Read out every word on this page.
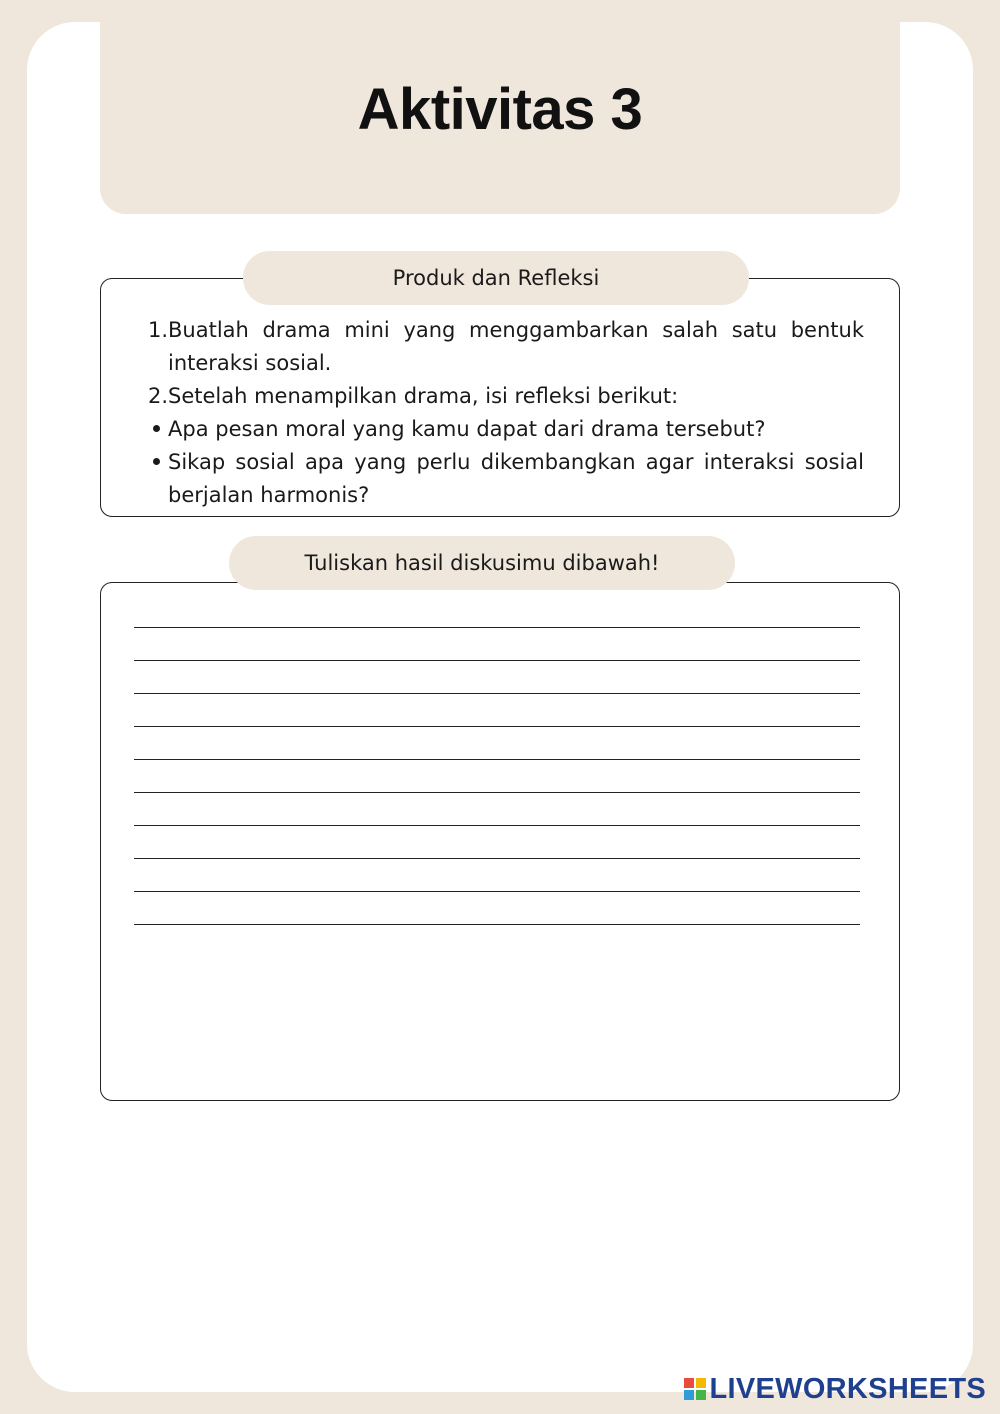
Aktivitas 3
Produk dan Refleksi
1. Buatlah drama mini yang menggambarkan salah satu bentuk interaksi sosial.
2. Setelah menampilkan drama, isi refleksi berikut:
Apa pesan moral yang kamu dapat dari drama tersebut?
Sikap sosial apa yang perlu dikembangkan agar interaksi sosial berjalan harmonis?
Tuliskan hasil diskusimu dibawah!
LIVEWORKSHEETS
